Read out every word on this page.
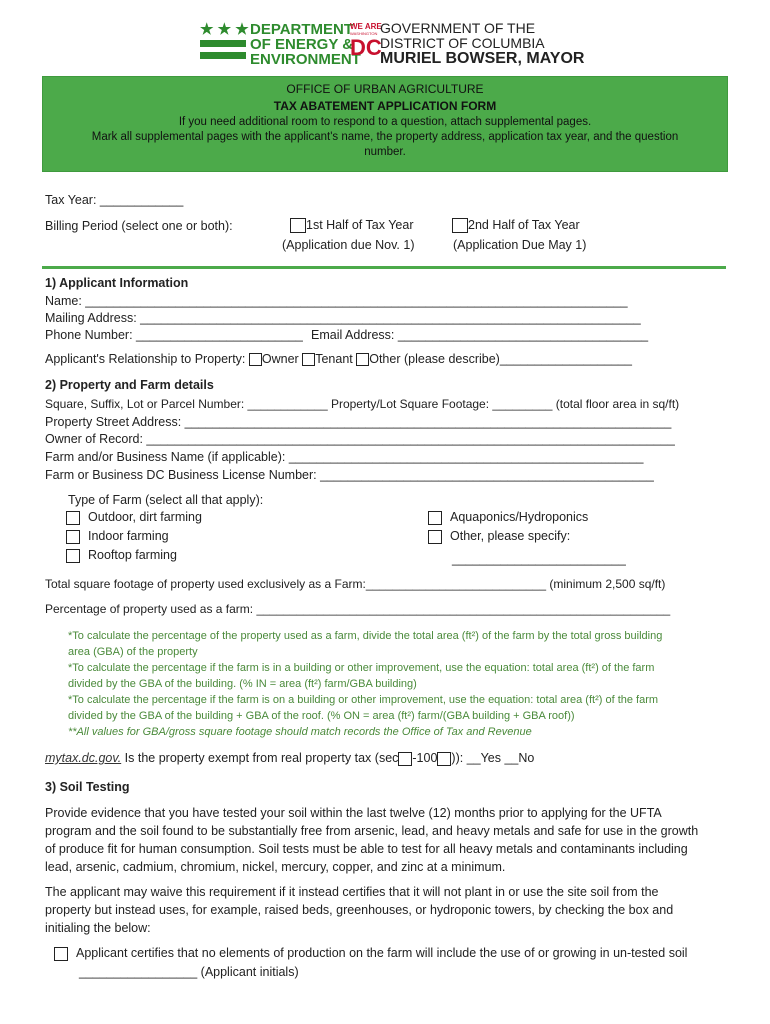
★ ★ ★ DEPARTMENT
OF ENERGY &
ENVIRONMENT
WE ARE
WASHINGTON
DC
GOVERNMENT OF THE
DISTRICT OF COLUMBIA
MURIEL BOWSER, MAYOR
OFFICE OF URBAN AGRICULTURE
TAX ABATEMENT APPLICATION FORM
If you need additional room to respond to a question, attach supplemental pages.
Mark all supplemental pages with the applicant's name, the property address, application tax year, and the question
number.
Tax Year: ____________
Billing Period (select one or both):	1st Half of Tax Year
(Application due Nov. 1)
2nd Half of Tax Year
(Application Due May 1)
1) Applicant Information
Name: ______________________________________________________________________________
Mailing Address: ________________________________________________________________________
Phone Number: ________________________ Email Address: ____________________________________
Applicant's Relationship to Property: Owner Tenant Other (please describe)___________________
2) Property and Farm details
Square, Suffix, Lot or Parcel Number: ____________ Property/Lot Square Footage: _________ (total floor area in sq/ft)
Property Street Address: ______________________________________________________________________
Owner of Record: ____________________________________________________________________________
Farm and/or Business Name (if applicable): ___________________________________________________
Farm or Business DC Business License Number: ________________________________________________
Type of Farm (select all that apply):
Outdoor, dirt farming
Indoor farming
Rooftop farming
Aquaponics/Hydroponics
Other, please specify:
_________________________
Total square footage of property used exclusively as a Farm:___________________________ (minimum 2,500 sq/ft)
Percentage of property used as a farm: ______________________________________________________________
*To calculate the percentage of the property used as a farm, divide the total area (ft²) of the farm by the total gross building
area (GBA) of the property
*To calculate the percentage if the farm is in a building or other improvement, use the equation: total area (ft²) of the farm
divided by the GBA of the building. (% IN = area (ft²) farm/GBA building)
*To calculate the percentage if the farm is on a building or other improvement, use the equation: total area (ft²) of the farm
divided by the GBA of the building + GBA of the roof. (% ON = area (ft²) farm/(GBA building + GBA roof))
**All values for GBA/gross square footage should match records the Office of Tax and Revenue
mytax.dc.gov. Is the property exempt from real property tax (sec -100 )): __Yes __No
3) Soil Testing
Provide evidence that you have tested your soil within the last twelve (12) months prior to applying for the UFTA
program and the soil found to be substantially free from arsenic, lead, and heavy metals and safe for use in the growth
of produce fit for human consumption. Soil tests must be able to test for all heavy metals and contaminants including
lead, arsenic, cadmium, chromium, nickel, mercury, copper, and zinc at a minimum.
The applicant may waive this requirement if it instead certifies that it will not plant in or use the site soil from the
property but instead uses, for example, raised beds, greenhouses, or hydroponic towers, by checking the box and
initialing the below:
Applicant certifies that no elements of production on the farm will include the use of or growing in un-tested soil
_________________ (Applicant initials)
